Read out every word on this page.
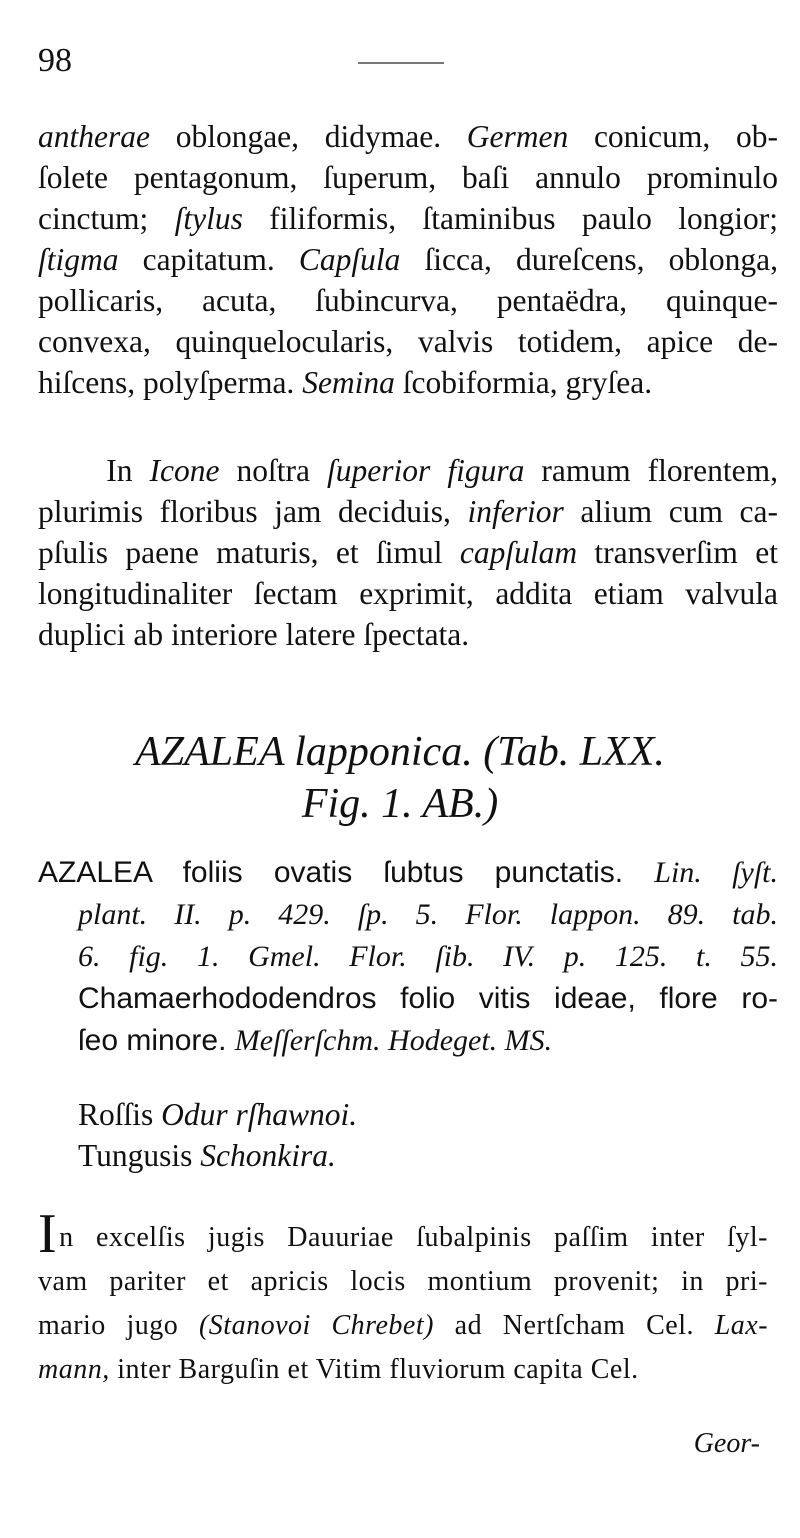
98
antherae oblongae, didymae. Germen conicum, ob-
ſolete pentagonum, ſuperum, baſi annulo prominulo
cinctum; ſtylus filiformis, ſtaminibus paulo longior;
ſtigma capitatum. Capſula ſicca, dureſcens, oblonga,
pollicaris, acuta, ſubincurva, pentaëdra, quinque-
convexa, quinquelocularis, valvis totidem, apice de-
hiſcens, polyſperma. Semina ſcobiformia, gryſea.
In Icone noſtra ſuperior figura ramum florentem,
plurimis floribus jam deciduis, inferior alium cum ca-
pſulis paene maturis, et ſimul capſulam transverſim et
longitudinaliter ſectam exprimit, addita etiam valvula
duplici ab interiore latere ſpectata.
AZALEA lapponica. (Tab. LXX.
Fig. 1. AB.)
AZALEA foliis ovatis ſubtus punctatis. Lin. ſyſt.
plant. II. p. 429. ſp. 5. Flor. lappon. 89. tab.
6. fig. 1. Gmel. Flor. ſib. IV. p. 125. t. 55.
Chamaerhododendros folio vitis ideae, flore ro-
ſeo minore. Meſſerſchm. Hodeget. MS.
Roſſis Odur rſhawnoi.
Tungusis Schonkira.
In excelſis jugis Dauuriae ſubalpinis paſſim inter ſyl-
vam pariter et apricis locis montium provenit; in pri-
mario jugo (Stanovoi Chrebet) ad Nertſcham Cel. Lax-
mann, inter Barguſin et Vitim fluviorum capita Cel.
Geor-
